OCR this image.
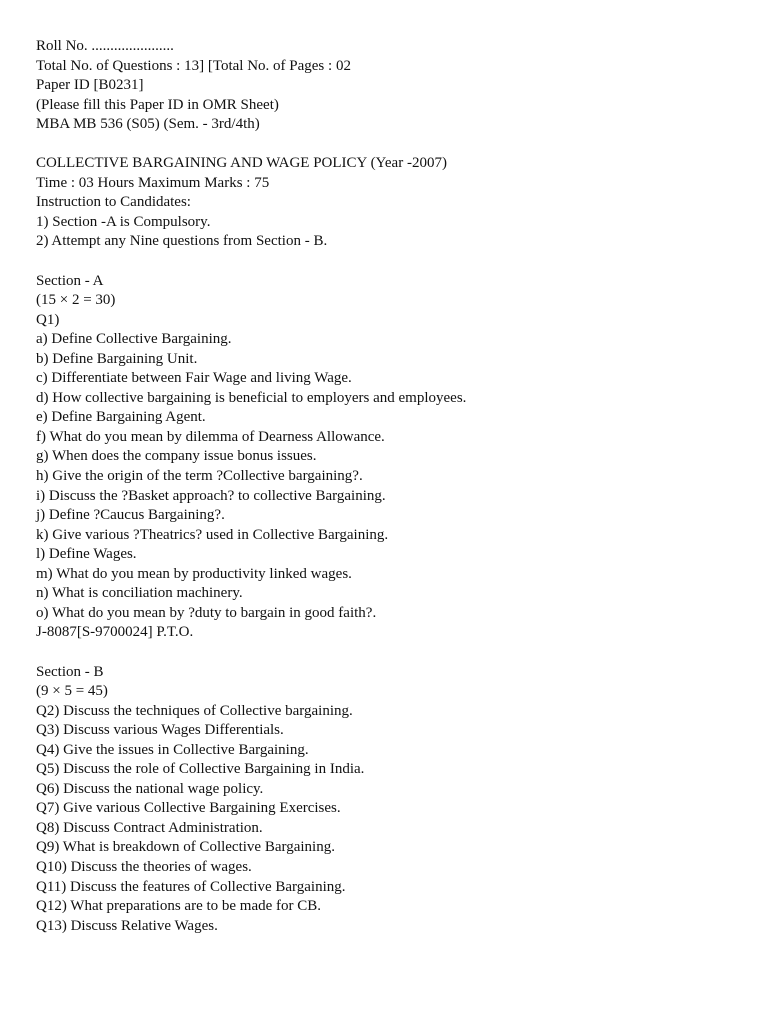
Roll No. ......................
Total No. of Questions : 13] [Total No. of Pages : 02
Paper ID [B0231]
(Please fill this Paper ID in OMR Sheet)
MBA MB 536 (S05) (Sem. - 3rd/4th)
COLLECTIVE BARGAINING AND WAGE POLICY (Year -2007)
Time : 03 Hours Maximum Marks : 75
Instruction to Candidates:
1) Section -A is Compulsory.
2) Attempt any Nine questions from Section - B.
Section - A
(15 × 2 = 30)
Q1)
a) Define Collective Bargaining.
b) Define Bargaining Unit.
c) Differentiate between Fair Wage and living Wage.
d) How collective bargaining is beneficial to employers and employees.
e) Define Bargaining Agent.
f) What do you mean by dilemma of Dearness Allowance.
g) When does the company issue bonus issues.
h) Give the origin of the term ?Collective bargaining?.
i) Discuss the ?Basket approach? to collective Bargaining.
j) Define ?Caucus Bargaining?.
k) Give various ?Theatrics? used in Collective Bargaining.
l) Define Wages.
m) What do you mean by productivity linked wages.
n) What is conciliation machinery.
o) What do you mean by ?duty to bargain in good faith?.
J-8087[S-9700024] P.T.O.
Section - B
(9 × 5 = 45)
Q2) Discuss the techniques of Collective bargaining.
Q3) Discuss various Wages Differentials.
Q4) Give the issues in Collective Bargaining.
Q5) Discuss the role of Collective Bargaining in India.
Q6) Discuss the national wage policy.
Q7) Give various Collective Bargaining Exercises.
Q8) Discuss Contract Administration.
Q9) What is breakdown of Collective Bargaining.
Q10) Discuss the theories of wages.
Q11) Discuss the features of Collective Bargaining.
Q12) What preparations are to be made for CB.
Q13) Discuss Relative Wages.
